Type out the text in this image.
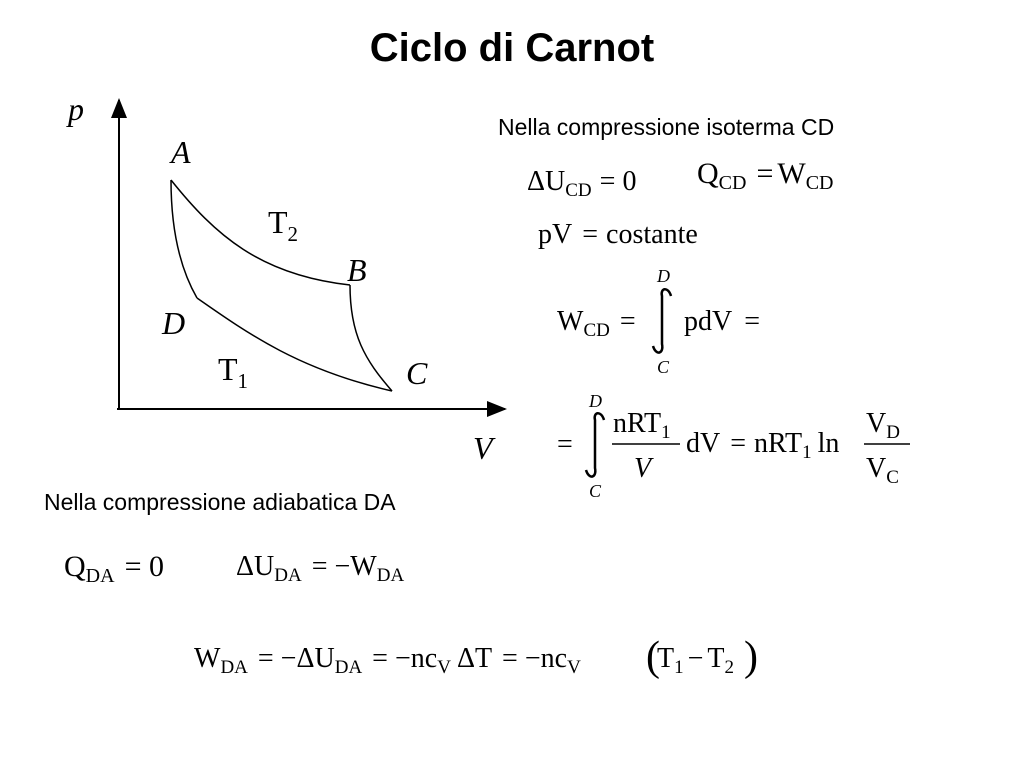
Ciclo di Carnot
p
V
A
B
C
D
$T_2$
$T_1$
Nella compressione isoterma CD
$\Delta U_{CD} = 0$ $Q_{CD} = W_{CD}$
pV = costante
$W_{CD}$ =
D
C
pdV =
=
D
C
nRT$_1$
V
dV = nRT$_1$ ln
$V_D$
$V_C$
Nella compressione adiabatica DA
$Q_{DA} = 0$	$\Delta U_{DA} = -W_{DA}$
$W_{DA} = -\Delta U_{DA} = -nc_V$ $\Delta T = -nc_V$ (
$T_1 - T_2$ )
